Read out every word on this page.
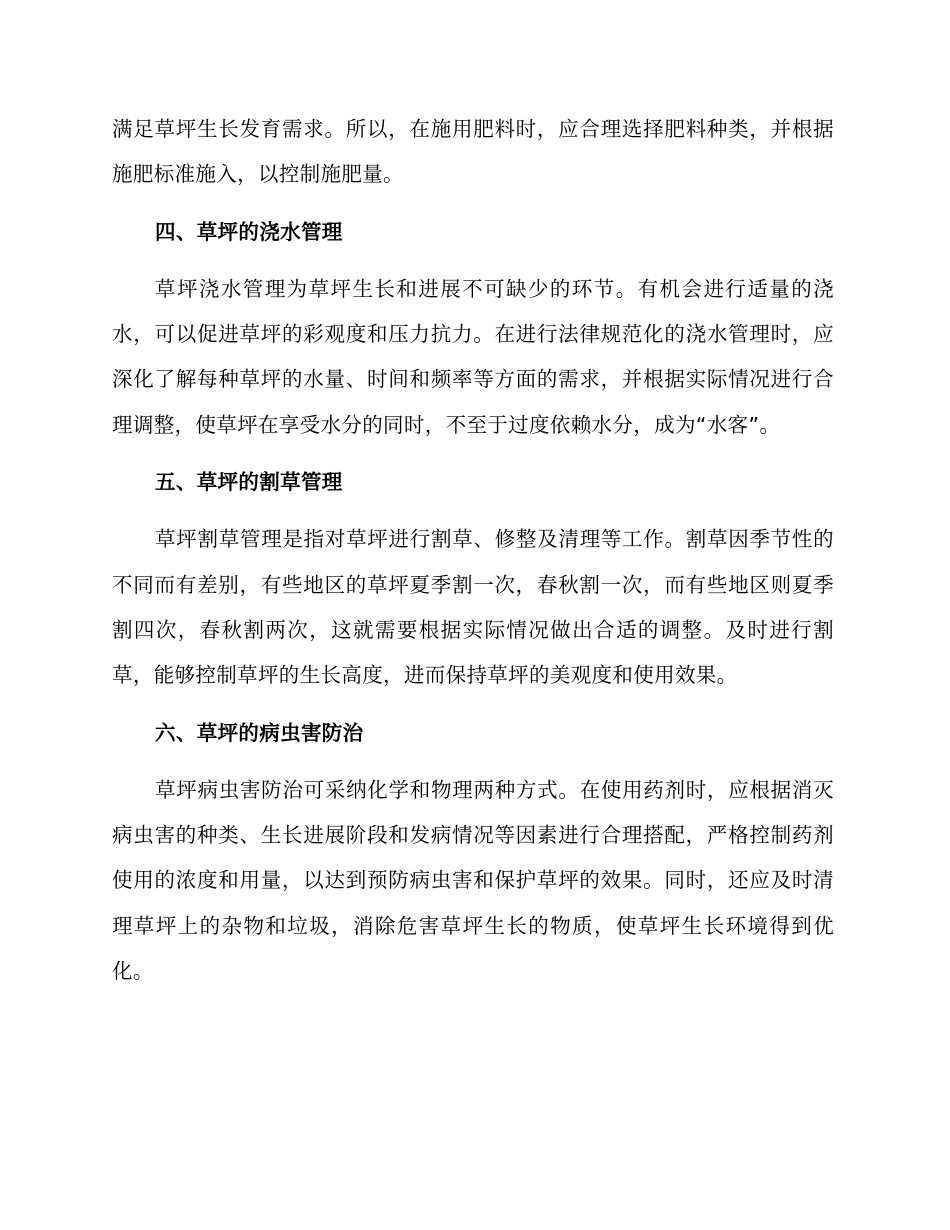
满足草坪生长发育需求。所以，在施用肥料时，应合理选择肥料种类，并根据施肥标准施入，以控制施肥量。

四、草坪的浇水管理

草坪浇水管理为草坪生长和进展不可缺少的环节。有机会进行适量的浇水，可以促进草坪的彩观度和压力抗力。在进行法律规范化的浇水管理时，应深化了解每种草坪的水量、时间和频率等方面的需求，并根据实际情况进行合理调整，使草坪在享受水分的同时，不至于过度依赖水分，成为“水客”。

五、草坪的割草管理

草坪割草管理是指对草坪进行割草、修整及清理等工作。割草因季节性的不同而有差别，有些地区的草坪夏季割一次，春秋割一次，而有些地区则夏季割四次，春秋割两次，这就需要根据实际情况做出合适的调整。及时进行割草，能够控制草坪的生长高度，进而保持草坪的美观度和使用效果。

六、草坪的病虫害防治

草坪病虫害防治可采纳化学和物理两种方式。在使用药剂时，应根据消灭病虫害的种类、生长进展阶段和发病情况等因素进行合理搭配，严格控制药剂使用的浓度和用量，以达到预防病虫害和保护草坪的效果。同时，还应及时清理草坪上的杂物和垃圾，消除危害草坪生长的物质，使草坪生长环境得到优化。
